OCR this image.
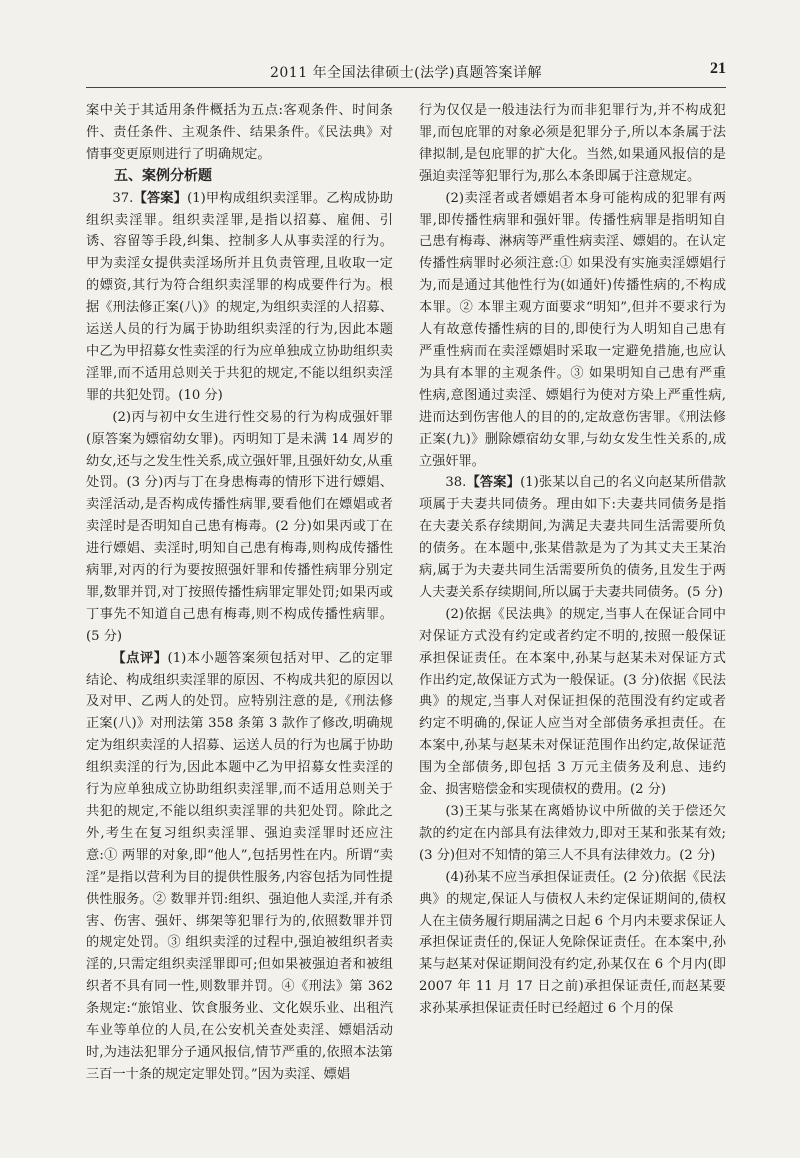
2011 年全国法律硕士(法学)真题答案详解	21

案中关于其适用条件概括为五点:客观条件、时间条件、责任条件、主观条件、结果条件。《民法典》对情事变更原则进行了明确规定。

五、案例分析题

37.【答案】(1)甲构成组织卖淫罪。乙构成协助组织卖淫罪。组织卖淫罪,是指以招募、雇佣、引诱、容留等手段,纠集、控制多人从事卖淫的行为。甲为卖淫女提供卖淫场所并且负责管理,且收取一定的嫖资,其行为符合组织卖淫罪的构成要件行为。根据《刑法修正案(八)》的规定,为组织卖淫的人招募、运送人员的行为属于协助组织卖淫的行为,因此本题中乙为甲招募女性卖淫的行为应单独成立协助组织卖淫罪,而不适用总则关于共犯的规定,不能以组织卖淫罪的共犯处罚。(10 分)

(2)丙与初中女生进行性交易的行为构成强奸罪(原答案为嫖宿幼女罪)。丙明知丁是未满 14 周岁的幼女,还与之发生性关系,成立强奸罪,且强奸幼女,从重处罚。(3 分)丙与丁在身患梅毒的情形下进行嫖娼、卖淫活动,是否构成传播性病罪,要看他们在嫖娼或者卖淫时是否明知自己患有梅毒。(2 分)如果丙或丁在进行嫖娼、卖淫时,明知自己患有梅毒,则构成传播性病罪,对丙的行为要按照强奸罪和传播性病罪分别定罪,数罪并罚,对丁按照传播性病罪定罪处罚;如果丙或丁事先不知道自己患有梅毒,则不构成传播性病罪。(5 分)

【点评】(1)本小题答案须包括对甲、乙的定罪结论、构成组织卖淫罪的原因、不构成共犯的原因以及对甲、乙两人的处罚。应特别注意的是,《刑法修正案(八)》对刑法第 358 条第 3 款作了修改,明确规定为组织卖淫的人招募、运送人员的行为也属于协助组织卖淫的行为,因此本题中乙为甲招募女性卖淫的行为应单独成立协助组织卖淫罪,而不适用总则关于共犯的规定,不能以组织卖淫罪的共犯处罚。除此之外,考生在复习组织卖淫罪、强迫卖淫罪时还应注意:① 两罪的对象,即“他人”,包括男性在内。所谓“卖淫”是指以营利为目的提供性服务,内容包括为同性提供性服务。② 数罪并罚:组织、强迫他人卖淫,并有杀害、伤害、强奸、绑架等犯罪行为的,依照数罪并罚的规定处罚。③ 组织卖淫的过程中,强迫被组织者卖淫的,只需定组织卖淫罪即可;但如果被强迫者和被组织者不具有同一性,则数罪并罚。④《刑法》第 362 条规定:“旅馆业、饮食服务业、文化娱乐业、出租汽车业等单位的人员,在公安机关查处卖淫、嫖娼活动时,为违法犯罪分子通风报信,情节严重的,依照本法第三百一十条的规定定罪处罚。”因为卖淫、嫖娼

行为仅仅是一般违法行为而非犯罪行为,并不构成犯罪,而包庇罪的对象必须是犯罪分子,所以本条属于法律拟制,是包庇罪的扩大化。当然,如果通风报信的是强迫卖淫等犯罪行为,那么本条即属于注意规定。

(2)卖淫者或者嫖娼者本身可能构成的犯罪有两罪,即传播性病罪和强奸罪。传播性病罪是指明知自己患有梅毒、淋病等严重性病卖淫、嫖娼的。在认定传播性病罪时必须注意:① 如果没有实施卖淫嫖娼行为,而是通过其他性行为(如通奸)传播性病的,不构成本罪。② 本罪主观方面要求“明知”,但并不要求行为人有故意传播性病的目的,即使行为人明知自己患有严重性病而在卖淫嫖娼时采取一定避免措施,也应认为具有本罪的主观条件。③ 如果明知自己患有严重性病,意图通过卖淫、嫖娼行为使对方染上严重性病,进而达到伤害他人的目的的,定故意伤害罪。《刑法修正案(九)》删除嫖宿幼女罪,与幼女发生性关系的,成立强奸罪。

38.【答案】(1)张某以自己的名义向赵某所借款项属于夫妻共同债务。理由如下:夫妻共同债务是指在夫妻关系存续期间,为满足夫妻共同生活需要所负的债务。在本题中,张某借款是为了为其丈夫王某治病,属于为夫妻共同生活需要所负的债务,且发生于两人夫妻关系存续期间,所以属于夫妻共同债务。(5 分)

(2)依据《民法典》的规定,当事人在保证合同中对保证方式没有约定或者约定不明的,按照一般保证承担保证责任。在本案中,孙某与赵某未对保证方式作出约定,故保证方式为一般保证。(3 分)依据《民法典》的规定,当事人对保证担保的范围没有约定或者约定不明确的,保证人应当对全部债务承担责任。在本案中,孙某与赵某未对保证范围作出约定,故保证范围为全部债务,即包括 3 万元主债务及利息、违约金、损害赔偿金和实现债权的费用。(2 分)

(3)王某与张某在离婚协议中所做的关于偿还欠款的约定在内部具有法律效力,即对王某和张某有效;(3 分)但对不知情的第三人不具有法律效力。(2 分)

(4)孙某不应当承担保证责任。(2 分)依据《民法典》的规定,保证人与债权人未约定保证期间的,债权人在主债务履行期届满之日起 6 个月内未要求保证人承担保证责任的,保证人免除保证责任。在本案中,孙某与赵某对保证期间没有约定,孙某仅在 6 个月内(即 2007 年 11 月 17 日之前)承担保证责任,而赵某要求孙某承担保证责任时已经超过 6 个月的保
